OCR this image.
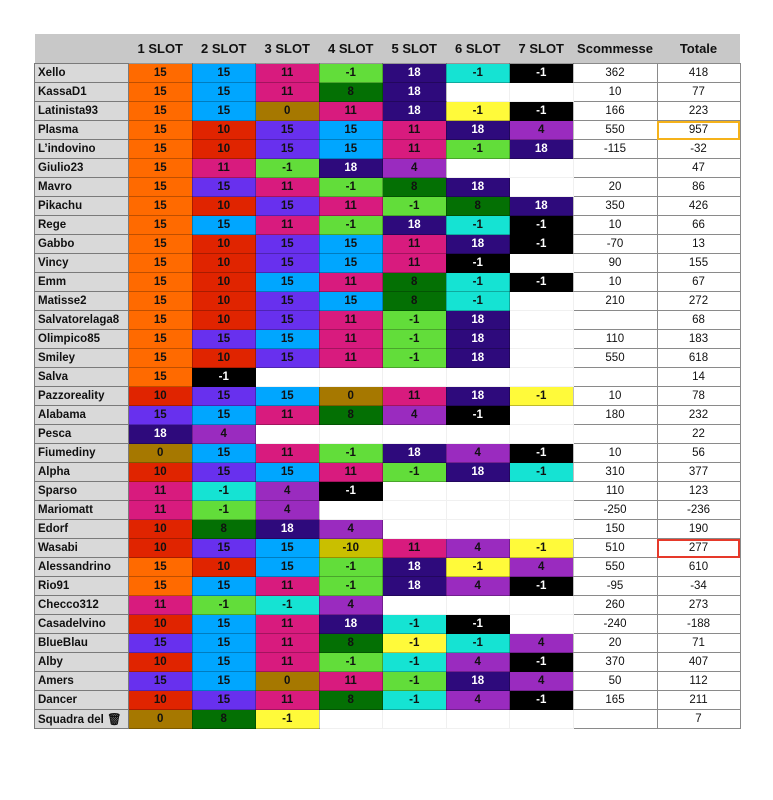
	1 SLOT	2 SLOT	3 SLOT	4 SLOT	5 SLOT	6 SLOT	7 SLOT	Scommesse	Totale
Xello	15	15	11	-1	18	-1	-1	362	418
KassaD1	15	15	11	8	18			10	77
Latinista93	15	15	0	11	18	-1	-1	166	223
Plasma	15	10	15	15	11	18	4	550	957
L’indovino	15	10	15	15	11	-1	18	-115	-32
Giulio23	15	11	-1	18	4				47
Mavro	15	15	11	-1	8	18		20	86
Pikachu	15	10	15	11	-1	8	18	350	426
Rege	15	15	11	-1	18	-1	-1	10	66
Gabbo	15	10	15	15	11	18	-1	-70	13
Vincy	15	10	15	15	11	-1		90	155
Emm	15	10	15	11	8	-1	-1	10	67
Matisse2	15	10	15	15	8	-1		210	272
Salvatorelaga8	15	10	15	11	-1	18			68
Olimpico85	15	15	15	11	-1	18		110	183
Smiley	15	10	15	11	-1	18		550	618
Salva	15	-1							14
Pazzoreality	10	15	15	0	11	18	-1	10	78
Alabama	15	15	11	8	4	-1		180	232
Pesca	18	4							22
Fiumediny	0	15	11	-1	18	4	-1	10	56
Alpha	10	15	15	11	-1	18	-1	310	377
Sparso	11	-1	4	-1				110	123
Mariomatt	11	-1	4					-250	-236
Edorf	10	8	18	4				150	190
Wasabi	10	15	15	-10	11	4	-1	510	277
Alessandrino	15	10	15	-1	18	-1	4	550	610
Rio91	15	15	11	-1	18	4	-1	-95	-34
Checco312	11	-1	-1	4				260	273
Casadelvino	10	15	11	18	-1	-1		-240	-188
BlueBlau	15	15	11	8	-1	-1	4	20	71
Alby	10	15	11	-1	-1	4	-1	370	407
Amers	15	15	0	11	-1	18	4	50	112
Dancer	10	15	11	8	-1	4	-1	165	211
Squadra del 🗑	0	8	-1						7
